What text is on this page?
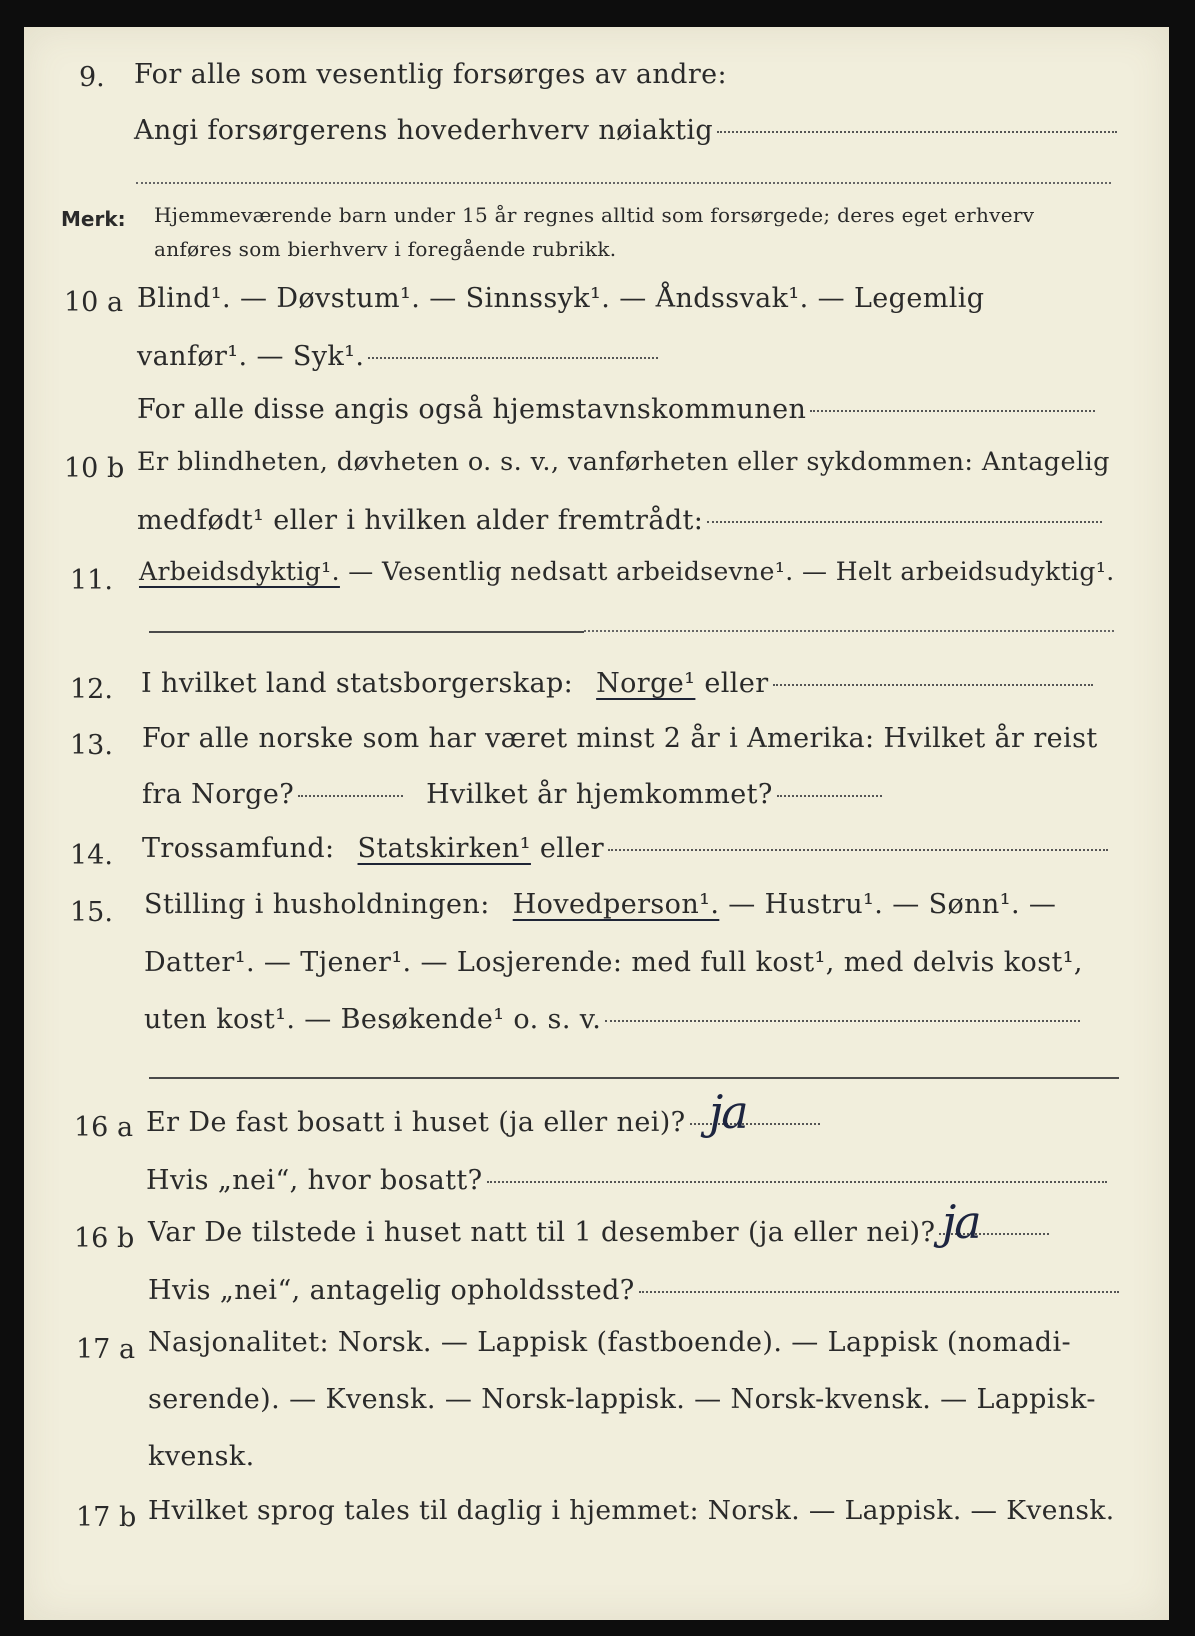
9. For alle som vesentlig forsørges av andre:
Angi forsørgerens hovederhverv nøiaktig
Merk: Hjemmeværende barn under 15 år regnes alltid som forsørgede; deres eget erhverv
anføres som bierhverv i foregående rubrikk.
10 a Blind¹. — Døvstum¹. — Sinnssyk¹. — Åndssvak¹. — Legemlig
vanfør¹. — Syk¹.
For alle disse angis også hjemstavnskommunen
10 b Er blindheten, døvheten o. s. v., vanførheten eller sykdommen: Antagelig
medfødt¹ eller i hvilken alder fremtrådt:
11. Arbeidsdyktig¹. — Vesentlig nedsatt arbeidsevne¹. — Helt arbeidsudyktig¹.
12. I hvilket land statsborgerskap: Norge¹ eller
13. For alle norske som har været minst 2 år i Amerika: Hvilket år reist
fra Norge?	Hvilket år hjemkommet?
14. Trossamfund: Statskirken¹ eller
15. Stilling i husholdningen: Hovedperson¹. — Hustru¹. — Sønn¹. —
Datter¹. — Tjener¹. — Losjerende: med full kost¹, med delvis kost¹,
uten kost¹. — Besøkende¹ o. s. v.
16 a Er De fast bosatt i huset (ja eller nei)? ja
Hvis „nei“, hvor bosatt?
16 b Var De tilstede i huset natt til 1 desember (ja eller nei)? ja
Hvis „nei“, antagelig opholdssted?
17 a Nasjonalitet: Norsk. — Lappisk (fastboende). — Lappisk (nomadi-
serende). — Kvensk. — Norsk-lappisk. — Norsk-kvensk. — Lappisk-
kvensk.
17 b Hvilket sprog tales til daglig i hjemmet: Norsk. — Lappisk. — Kvensk.
